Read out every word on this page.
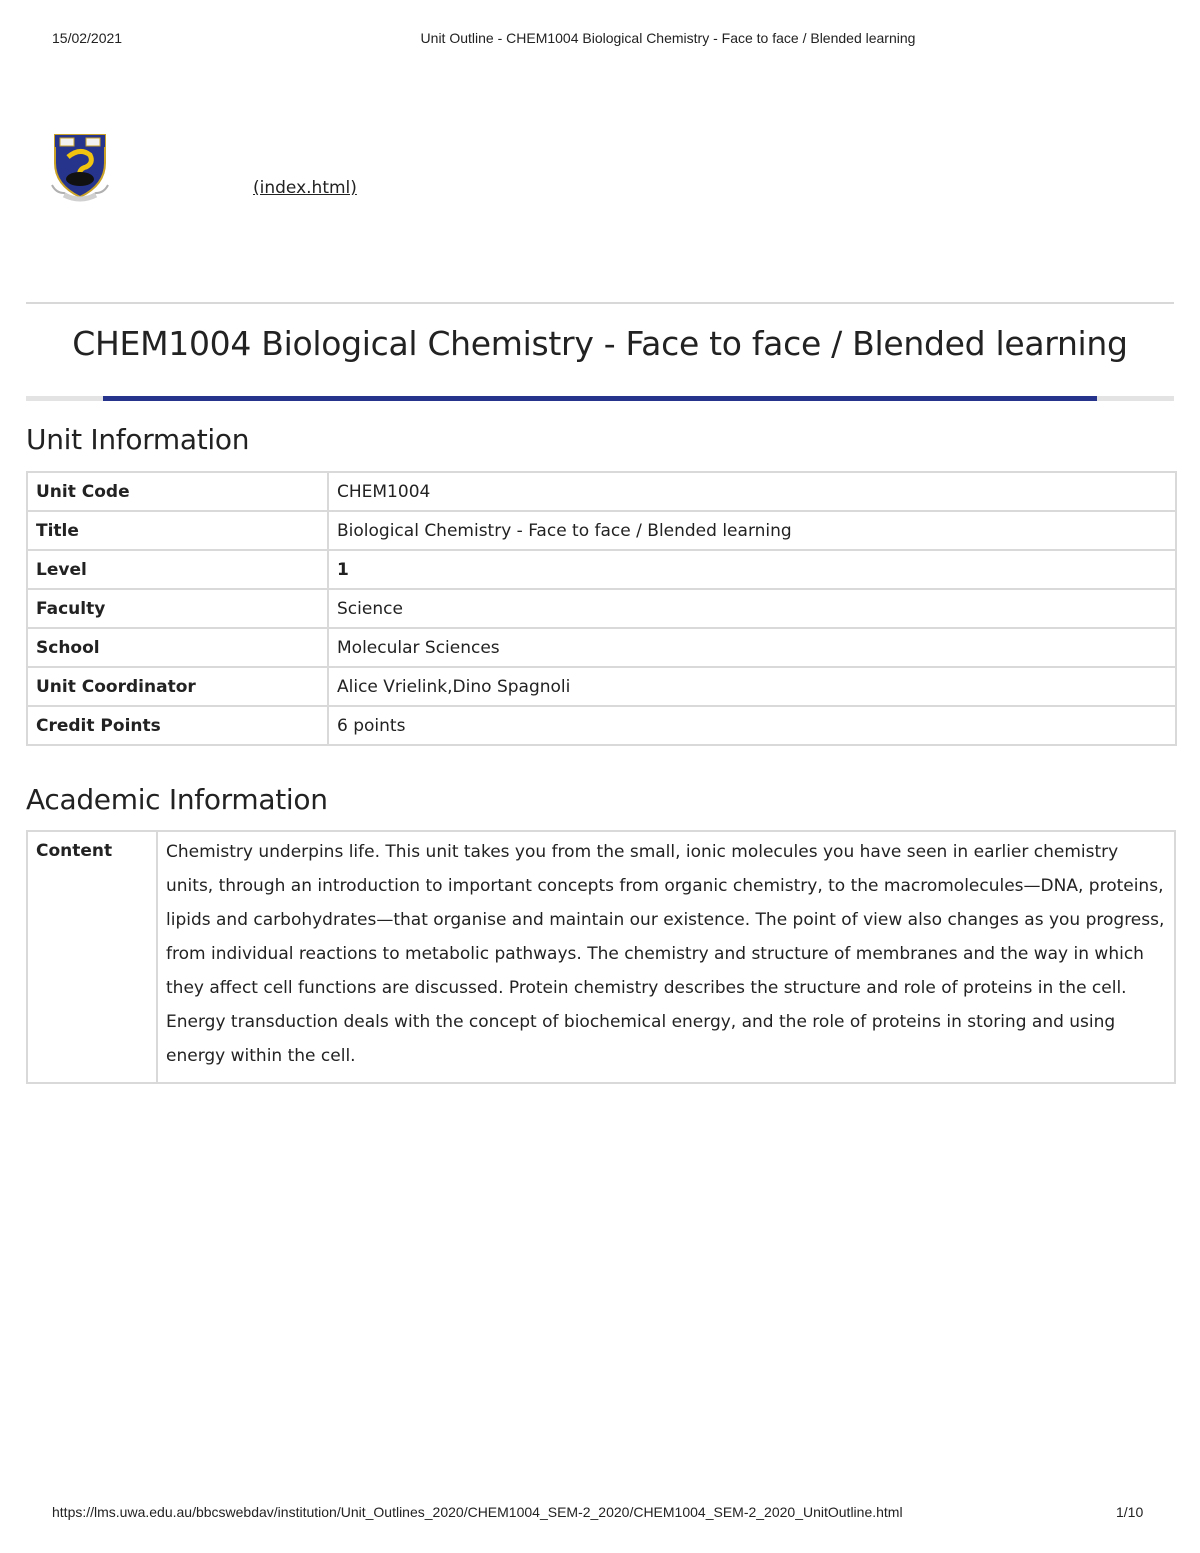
15/02/2021	Unit Outline - CHEM1004 Biological Chemistry - Face to face / Blended learning
(index.html)
CHEM1004 Biological Chemistry - Face to face / Blended learning
Unit Information
Unit Code	CHEM1004
Title	Biological Chemistry - Face to face / Blended learning
Level	1
Faculty	Science
School	Molecular Sciences
Unit Coordinator	Alice Vrielink,Dino Spagnoli
Credit Points	6 points
Academic Information
Content	Chemistry underpins life. This unit takes you from the small, ionic molecules you have seen in earlier chemistry units, through an introduction to important concepts from organic chemistry, to the macromolecules—DNA, proteins, lipids and carbohydrates—that organise and maintain our existence. The point of view also changes as you progress, from individual reactions to metabolic pathways. The chemistry and structure of membranes and the way in which they affect cell functions are discussed. Protein chemistry describes the structure and role of proteins in the cell. Energy transduction deals with the concept of biochemical energy, and the role of proteins in storing and using energy within the cell.
https://lms.uwa.edu.au/bbcswebdav/institution/Unit_Outlines_2020/CHEM1004_SEM-2_2020/CHEM1004_SEM-2_2020_UnitOutline.html	1/10
